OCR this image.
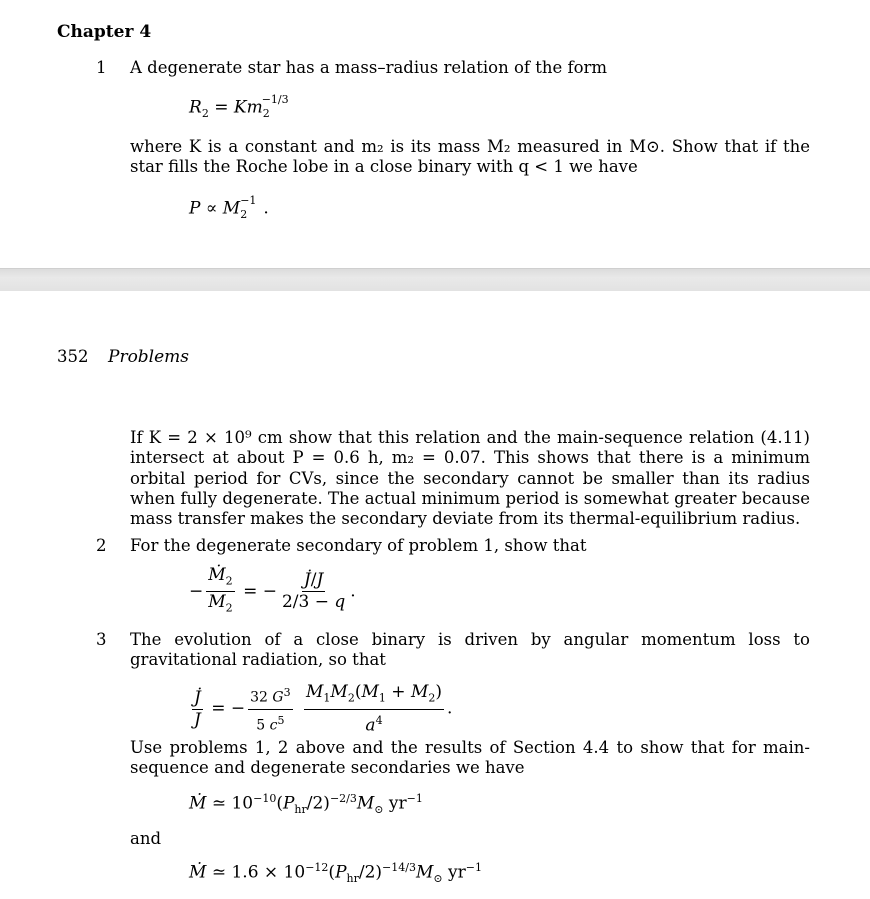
Chapter 4
1 A degenerate star has a mass–radius relation of the form
$R_2 = Km_2^{-1/3}$
where K is a constant and m₂ is its mass M₂ measured in M⊙. Show that if the star fills the Roche lobe in a close binary with q < 1 we have
$P \propto M_2^{-1}$ .
352 Problems
If K = 2 × 10⁹ cm show that this relation and the main-sequence relation (4.11) intersect at about P = 0.6 h, m₂ = 0.07. This shows that there is a minimum orbital period for CVs, since the secondary cannot be smaller than its radius when fully degenerate. The actual minimum period is somewhat greater because mass transfer makes the secondary deviate from its thermal-equilibrium radius.
2 For the degenerate secondary of problem 1, show that
− $\frac{Ṁ_2}{M_2}$ = − $\frac{J̇/J}{2/3 - q}$ .
3 The evolution of a close binary is driven by angular momentum loss to gravitational radiation, so that
$\frac{J̇}{J}$ = − $\frac{32 G^3}{5 c^5}$
$\frac{M_1M_2(M_1 + M_2)}{a^4}$ .
Use problems 1, 2 above and the results of Section 4.4 to show that for main-sequence and degenerate secondaries we have
Ṁ ≃ $10^{-10}(P_{hr}/2)^{-2/3}M_⊙$ $yr^{-1}$
and
Ṁ ≃ $1.6 \times 10^{-12}(P_{hr}/2)^{-14/3}M_⊙$ $yr^{-1}$
